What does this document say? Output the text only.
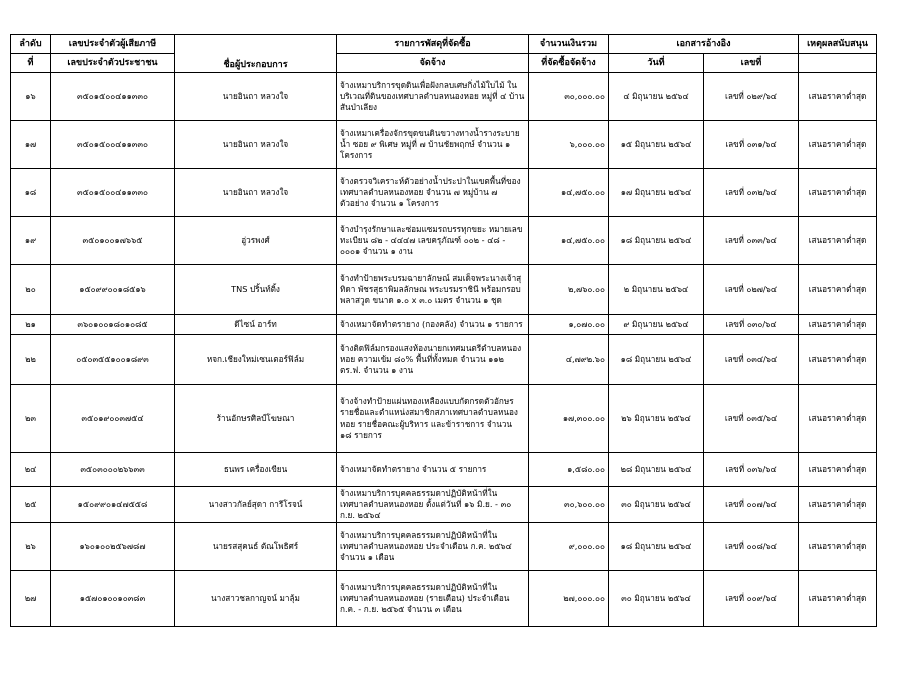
ลำดับ	เลขประจำตัวผู้เสียภาษี	ชื่อผู้ประกอบการ	รายการพัสดุที่จัดซื้อ	จำนวนเงินรวม	เอกสารอ้างอิง		เหตุผลสนับสนุน
ที่	เลขประจำตัวประชาชน		จัดจ้าง	ที่จัดซื้อจัดจ้าง	วันที่	เลขที่	
๑๖	๓๕๐๑๕๐๐๔๑๑๓๓๐	นายอินถา หลวงใจ	จ้างเหมาบริการขุดดินเพื่อฝังกลบเศษกิ่งไม้ใบไม้ ในบริเวณที่ดินของเทศบาลตำบลหนองหอย หมู่ที่ ๔ บ้านสันป่าเลียง	๓๐,๐๐๐.๐๐	๔ มิถุนายน ๒๕๖๔	เลขที่ ๐๒๙/๖๔	เสนอราคาต่ำสุด
๑๗	๓๕๐๑๕๐๐๔๑๑๓๓๐	นายอินถา หลวงใจ	จ้างเหมาเครื่องจักรขุดขนดินขวางทางน้ำรางระบายน้ำ ซอย ๙ พิเศษ หมู่ที่ ๗ บ้านชัยพฤกษ์ จำนวน ๑ โครงการ	๖,๐๐๐.๐๐	๑๕ มิถุนายน ๒๕๖๔	เลขที่ ๐๓๑/๖๔	เสนอราคาต่ำสุด
๑๘	๓๕๐๑๕๐๐๔๑๑๓๓๐	นายอินถา หลวงใจ	จ้างตรวจวิเคราะห์ตัวอย่างน้ำประปาในเขตพื้นที่ของเทศบาลตำบลหนองหอย จำนวน ๗ หมู่บ้าน ๗ ตัวอย่าง จำนวน ๑ โครงการ	๑๔,๗๕๐.๐๐	๑๗ มิถุนายน ๒๕๖๔	เลขที่ ๐๓๒/๖๔	เสนอราคาต่ำสุด
๑๙	๓๕๐๑๐๐๑๗๖๖๕	อู่วรพงศ์	จ้างบำรุงรักษาและซ่อมแซมรถบรรทุกขยะ หมายเลขทะเบียน ๘๒ - ๔๔๔๗ เลขครุภัณฑ์ ๐๐๒ - ๔๘ - ๐๐๐๑ จำนวน ๑ งาน	๑๔,๗๕๐.๐๐	๑๘ มิถุนายน ๒๕๖๔	เลขที่ ๐๓๓/๖๔	เสนอราคาต่ำสุด
๒๐	๑๕๐๙๙๐๐๑๘๕๑๖	TNS ปริ้นท์ติ้ง	จ้างทำป้ายพระบรมฉายาลักษณ์ สมเด็จพระนางเจ้าสุทิดา พัชรสุธาพิมลลักษณ พระบรมราชินี พร้อมกรอบพลาสวูด ขนาด ๑.๐ x ๓.๐ เมตร จำนวน ๑ ชุด	๒,๗๖๐.๐๐	๒ มิถุนายน ๒๕๖๔	เลขที่ ๐๒๗/๖๔	เสนอราคาต่ำสุด
๒๑	๓๖๐๑๐๐๑๘๐๑๐๘๕	ดีไซน์ อาร์ท	จ้างเหมาจัดทำตรายาง (กองคลัง) จำนวน ๑ รายการ	๑,๐๗๐.๐๐	๙ มิถุนายน ๒๕๖๔	เลขที่ ๐๓๐/๖๔	เสนอราคาต่ำสุด
๒๒	๐๕๐๓๕๕๑๐๐๑๘๙๓	หจก.เชียงใหม่เซนเตอร์ฟิล์ม	จ้างติดฟิล์มกรองแสงห้องนายกเทศมนตรีตำบลหนองหอย ความเข้ม ๘๐% พื้นที่ทั้งหมด จำนวน ๑๑๒ ตร.ฟ. จำนวน ๑ งาน	๔,๗๙๒.๖๐	๑๘ มิถุนายน ๒๕๖๔	เลขที่ ๐๓๔/๖๔	เสนอราคาต่ำสุด
๒๓	๓๕๐๑๙๐๐๓๗๕๔	ร้านอักษรศิลป์โฆษณา	จ้างจ้างทำป้ายแผ่นทองเหลืองแบบกัดกรดตัวอักษรรายชื่อและตำแหน่งสมาชิกสภาเทศบาลตำบลหนองหอย รายชื่อคณะผู้บริหาร และข้าราชการ จำนวน ๑๘ รายการ	๑๗,๓๐๐.๐๐	๒๖ มิถุนายน ๒๕๖๔	เลขที่ ๐๓๕/๖๔	เสนอราคาต่ำสุด
๒๔	๓๕๐๓๐๐๐๒๖๖๓๓	ธนพร เครื่องเขียน	จ้างเหมาจัดทำตรายาง จำนวน ๕ รายการ	๑,๕๘๐.๐๐	๒๘ มิถุนายน ๒๕๖๔	เลขที่ ๐๓๖/๖๔	เสนอราคาต่ำสุด
๒๕	๑๕๐๙๙๐๑๔๗๕๕๘	นางสาวกัลย์สุดา การีโรจน์	จ้างเหมาบริการบุคคลธรรมดาปฏิบัติหน้าที่ในเทศบาลตำบลหนองหอย ตั้งแต่วันที่ ๑๖ มิ.ย. - ๓๐ ก.ย. ๒๕๖๔	๓๐,๖๐๐.๐๐	๓๐ มิถุนายน ๒๕๖๔	เลขที่ ๐๐๗/๖๔	เสนอราคาต่ำสุด
๒๖	๑๖๐๑๐๐๒๕๖๗๘๗	นายรสสุคนธ์ ตัณโพธิศร์	จ้างเหมาบริการบุคคลธรรมดาปฏิบัติหน้าที่ในเทศบาลตำบลหนองหอย ประจำเดือน ก.ค. ๒๕๖๔ จำนวน ๑ เดือน	๙,๐๐๐.๐๐	๑๘ มิถุนายน ๒๕๖๔	เลขที่ ๐๐๘/๖๔	เสนอราคาต่ำสุด
๒๗	๑๕๗๐๑๐๐๑๐๓๘๓	นางสาวชลกาญจน์ มาลุ้ม	จ้างเหมาบริการบุคคลธรรมดาปฏิบัติหน้าที่ในเทศบาลตำบลหนองหอย (รายเดือน) ประจำเดือน ก.ค. - ก.ย. ๒๕๖๕ จำนวน ๓ เดือน	๒๗,๐๐๐.๐๐	๓๐ มิถุนายน ๒๕๖๔	เลขที่ ๐๐๙/๖๔	เสนอราคาต่ำสุด
